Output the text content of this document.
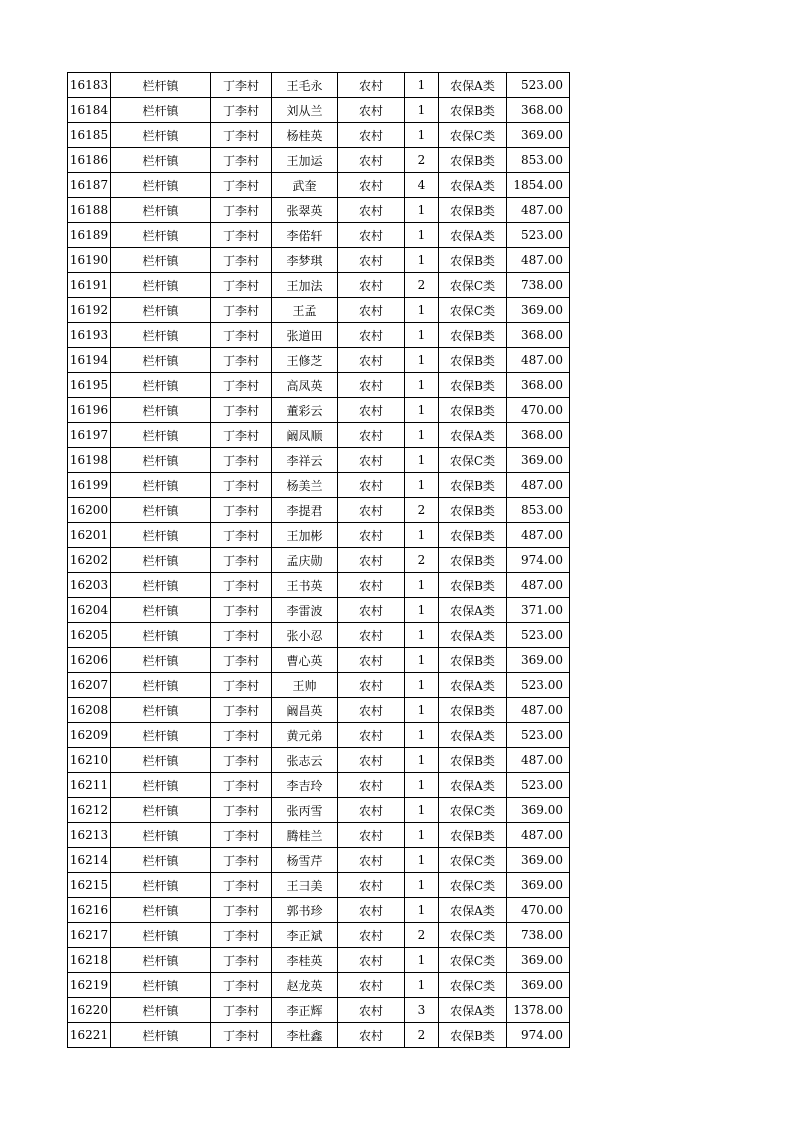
16183	栏杆镇	丁李村	王毛永	农村	1	农保A类	523.00
16184	栏杆镇	丁李村	刘从兰	农村	1	农保B类	368.00
16185	栏杆镇	丁李村	杨桂英	农村	1	农保C类	369.00
16186	栏杆镇	丁李村	王加运	农村	2	农保B类	853.00
16187	栏杆镇	丁李村	武奎	农村	4	农保A类	1854.00
16188	栏杆镇	丁李村	张翠英	农村	1	农保B类	487.00
16189	栏杆镇	丁李村	李偌轩	农村	1	农保A类	523.00
16190	栏杆镇	丁李村	李梦琪	农村	1	农保B类	487.00
16191	栏杆镇	丁李村	王加法	农村	2	农保C类	738.00
16192	栏杆镇	丁李村	王孟	农村	1	农保C类	369.00
16193	栏杆镇	丁李村	张道田	农村	1	农保B类	368.00
16194	栏杆镇	丁李村	王修芝	农村	1	农保B类	487.00
16195	栏杆镇	丁李村	高凤英	农村	1	农保B类	368.00
16196	栏杆镇	丁李村	董彩云	农村	1	农保B类	470.00
16197	栏杆镇	丁李村	阚凤顺	农村	1	农保A类	368.00
16198	栏杆镇	丁李村	李祥云	农村	1	农保C类	369.00
16199	栏杆镇	丁李村	杨美兰	农村	1	农保B类	487.00
16200	栏杆镇	丁李村	李提君	农村	2	农保B类	853.00
16201	栏杆镇	丁李村	王加彬	农村	1	农保B类	487.00
16202	栏杆镇	丁李村	孟庆勋	农村	2	农保B类	974.00
16203	栏杆镇	丁李村	王书英	农村	1	农保B类	487.00
16204	栏杆镇	丁李村	李雷波	农村	1	农保A类	371.00
16205	栏杆镇	丁李村	张小忍	农村	1	农保A类	523.00
16206	栏杆镇	丁李村	曹心英	农村	1	农保B类	369.00
16207	栏杆镇	丁李村	王帅	农村	1	农保A类	523.00
16208	栏杆镇	丁李村	阚昌英	农村	1	农保B类	487.00
16209	栏杆镇	丁李村	黄元弟	农村	1	农保A类	523.00
16210	栏杆镇	丁李村	张志云	农村	1	农保B类	487.00
16211	栏杆镇	丁李村	李吉玲	农村	1	农保A类	523.00
16212	栏杆镇	丁李村	张丙雪	农村	1	农保C类	369.00
16213	栏杆镇	丁李村	腾桂兰	农村	1	农保B类	487.00
16214	栏杆镇	丁李村	杨雪芹	农村	1	农保C类	369.00
16215	栏杆镇	丁李村	王彐美	农村	1	农保C类	369.00
16216	栏杆镇	丁李村	郭书珍	农村	1	农保A类	470.00
16217	栏杆镇	丁李村	李正斌	农村	2	农保C类	738.00
16218	栏杆镇	丁李村	李桂英	农村	1	农保C类	369.00
16219	栏杆镇	丁李村	赵龙英	农村	1	农保C类	369.00
16220	栏杆镇	丁李村	李正辉	农村	3	农保A类	1378.00
16221	栏杆镇	丁李村	李杜鑫	农村	2	农保B类	974.00
